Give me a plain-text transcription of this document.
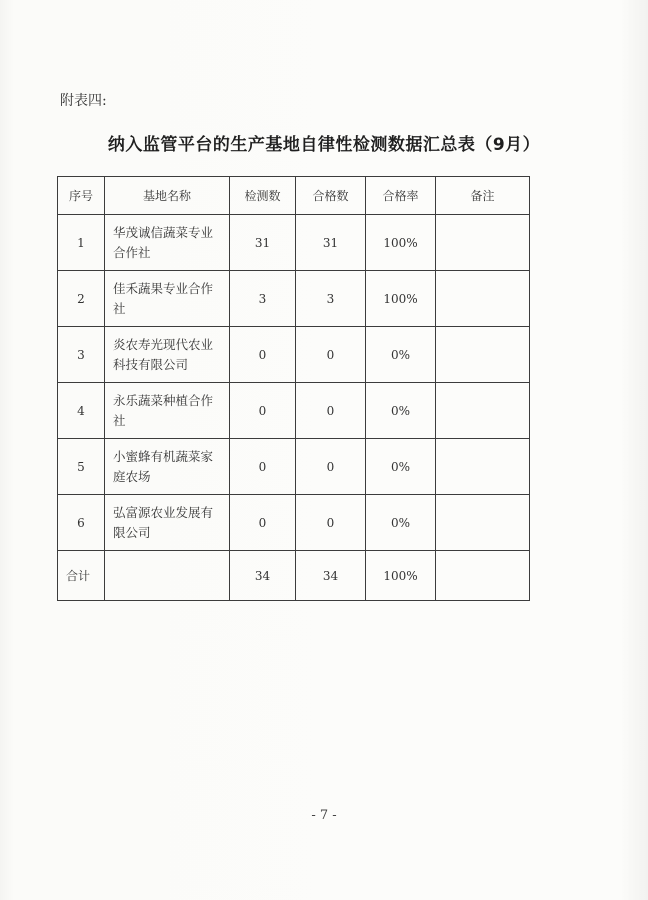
附表四:
纳入监管平台的生产基地自律性检测数据汇总表（9月）
序号	基地名称	检测数	合格数	合格率	备注
1	华茂诚信蔬菜专业合作社	31	31	100%	
2	佳禾蔬果专业合作社	3	3	100%	
3	炎农寿光现代农业科技有限公司	0	0	0%	
4	永乐蔬菜种植合作社	0	0	0%	
5	小蜜蜂有机蔬菜家庭农场	0	0	0%	
6	弘富源农业发展有限公司	0	0	0%	
合计		34	34	100%	
- 7 -
